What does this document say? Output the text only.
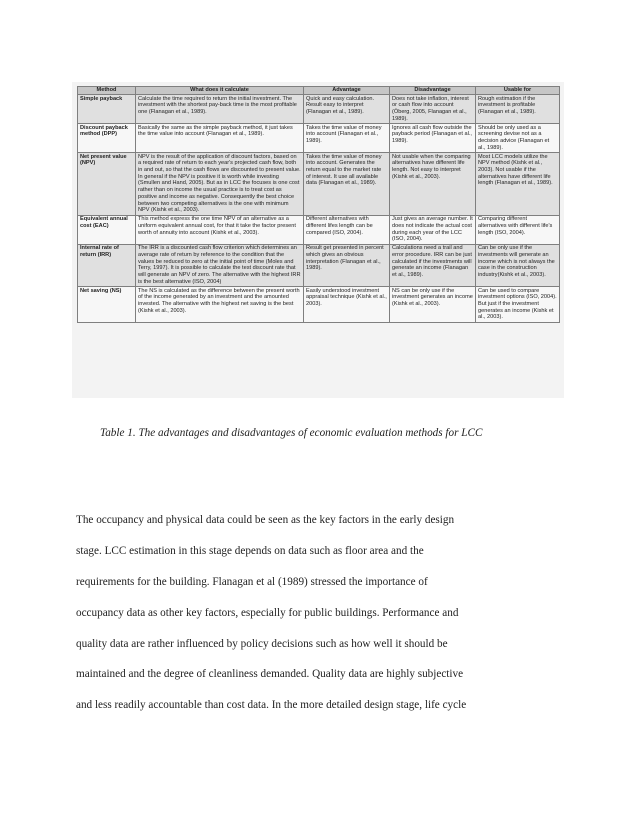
Method	What does it calculate	Advantage	Disadvantage	Usable for
Simple payback	Calculate the time required to return the initial investment. The investment with the shortest pay-back time is the most profitable one (Flanagan et al., 1989).	Quick and easy calculation. Result easy to interpret (Flanagan et al., 1989).	Does not take inflation, interest or cash flow into account (Öberg, 2005, Flanagan et al., 1989).	Rough estimation if the investment is profitable (Flanagan et al., 1989).
Discount payback method (DPP)	Basically the same as the simple payback method, it just takes the time value into account (Flanagan et al., 1989).	Takes the time value of money into account (Flanagan et al., 1989).	Ignores all cash flow outside the payback period (Flanagan et al., 1989).	Should be only used as a screening devise not as a decision advice (Flanagan et al., 1989).
Net present value (NPV)	NPV is the result of the application of discount factors, based on a required rate of return to each year's projected cash flow, both in and out, so that the cash flows are discounted to present value. In general if the NPV is positive it is worth while investing (Smullen and Hand, 2005). But as in LCC the focuses is one cost rather than on income the usual practice is to treat cost as positive and income as negative. Consequently the best choice between two competing alternatives is the one with minimum NPV (Kishk et al., 2003).	Takes the time value of money into account. Generates the return equal to the market rate of interest. It use all available data (Flanagan et al., 1989).	Not usable when the comparing alternatives have different life length. Not easy to interpret (Kishk et al., 2003).	Most LCC models utilize the NPV method (Kishk et al., 2003). Not usable if the alternatives have different life length (Flanagan et al., 1989).
Equivalent annual cost (EAC)	This method express the one time NPV of an alternative as a uniform equivalent annual cost, for that it take the factor present worth of annuity into account (Kishk et al., 2003).	Different alternatives with different lifes length can be compared (ISO, 2004).	Just gives an average number. It does not indicate the actual cost during each year of the LCC (ISO, 2004).	Comparing different alternatives with different life's length (ISO, 2004).
Internal rate of return (IRR)	The IRR is a discounted cash flow criterion which determines an average rate of return by reference to the condition that the values be reduced to zero at the initial point of time (Moles and Terry, 1997). It is possible to calculate the test discount rate that will generate an NPV of zero. The alternative with the highest IRR is the best alternative (ISO, 2004)	Result get presented in percent which gives an obvious interpretation (Flanagan et al., 1989).	Calculations need a trail and error procedure. IRR can be just calculated if the investments will generate an income (Flanagan et al., 1989).	Can be only use if the investments will generate an income which is not always the case in the construction industry(Kishk et al., 2003).
Net saving (NS)	The NS is calculated as the difference between the present worth of the income generated by an investment and the amounted invested. The alternative with the highest net saving is the best (Kishk et al., 2003).	Easily understood investment appraisal technique (Kishk et al., 2003).	NS can be only use if the investment generates an income (Kishk et al., 2003).	Can be used to compare investment options (ISO, 2004). But just if the investment generates an income (Kishk et al., 2003).
Table 1. The advantages and disadvantages of economic evaluation methods for LCC
The occupancy and physical data could be seen as the key factors in the early design
stage. LCC estimation in this stage depends on data such as floor area and the
requirements for the building. Flanagan et al (1989) stressed the importance of
occupancy data as other key factors, especially for public buildings. Performance and
quality data are rather influenced by policy decisions such as how well it should be
maintained and the degree of cleanliness demanded. Quality data are highly subjective
and less readily accountable than cost data. In the more detailed design stage, life cycle
